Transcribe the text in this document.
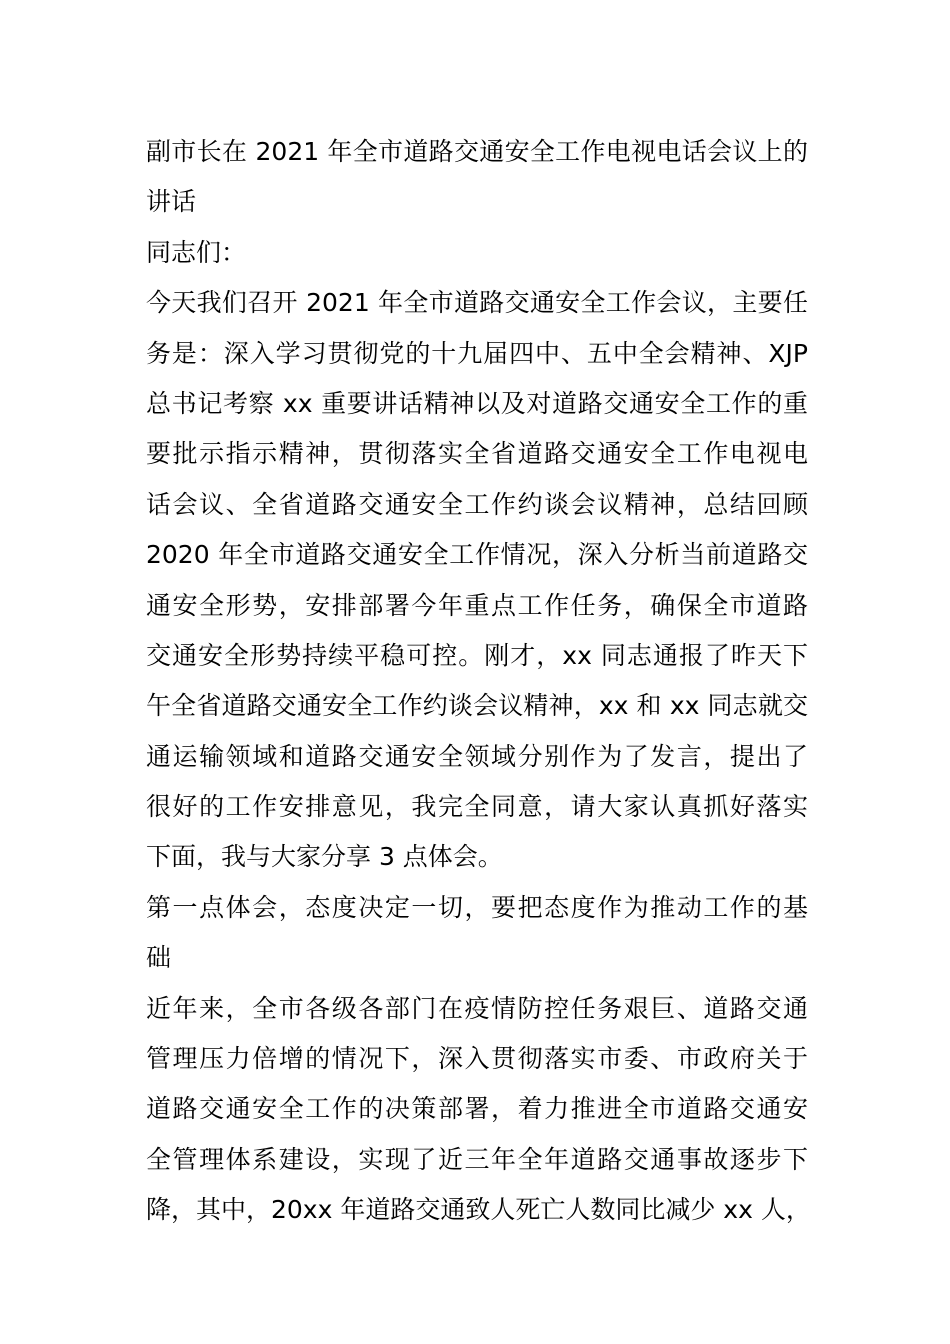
副市长在 2021 年全市道路交通安全工作电视电话会议上的
讲话
同志们：
今天我们召开 2021 年全市道路交通安全工作会议，主要任
务是：深入学习贯彻党的十九届四中、五中全会精神、XJP
总书记考察 xx 重要讲话精神以及对道路交通安全工作的重
要批示指示精神，贯彻落实全省道路交通安全工作电视电
话会议、全省道路交通安全工作约谈会议精神，总结回顾
2020 年全市道路交通安全工作情况，深入分析当前道路交
通安全形势，安排部署今年重点工作任务，确保全市道路
交通安全形势持续平稳可控。刚才，xx 同志通报了昨天下
午全省道路交通安全工作约谈会议精神，xx 和 xx 同志就交
通运输领域和道路交通安全领域分别作为了发言，提出了
很好的工作安排意见，我完全同意，请大家认真抓好落实
下面，我与大家分享 3 点体会。
第一点体会，态度决定一切，要把态度作为推动工作的基
础
近年来，全市各级各部门在疫情防控任务艰巨、道路交通
管理压力倍增的情况下，深入贯彻落实市委、市政府关于
道路交通安全工作的决策部署，着力推进全市道路交通安
全管理体系建设，实现了近三年全年道路交通事故逐步下
降，其中，20xx 年道路交通致人死亡人数同比减少 xx 人，
